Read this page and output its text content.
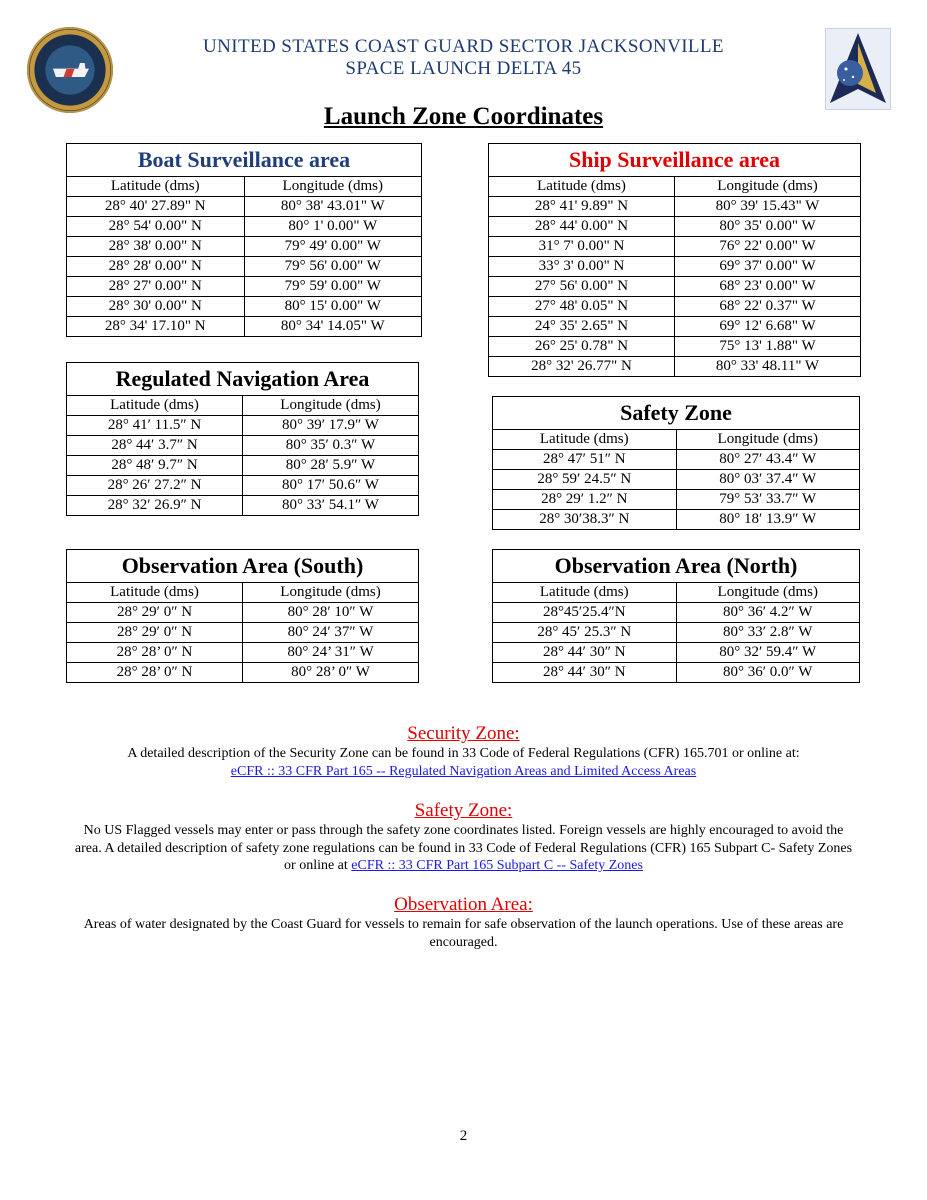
UNITED STATES COAST GUARD SECTOR JACKSONVILLE
SPACE LAUNCH DELTA 45
Launch Zone Coordinates
Boat Surveillance area	
Latitude (dms)	Longitude (dms)
28° 40' 27.89" N	80° 38' 43.01" W
28° 54' 0.00" N	80° 1' 0.00" W
28° 38' 0.00" N	79° 49' 0.00" W
28° 28' 0.00" N	79° 56' 0.00" W
28° 27' 0.00" N	79° 59' 0.00" W
28° 30' 0.00" N	80° 15' 0.00" W
28° 34' 17.10" N	80° 34' 14.05" W
Ship Surveillance area	
Latitude (dms)	Longitude (dms)
28° 41' 9.89" N	80° 39' 15.43" W
28° 44' 0.00" N	80° 35' 0.00" W
31° 7' 0.00" N	76° 22' 0.00" W
33° 3' 0.00" N	69° 37' 0.00" W
27° 56' 0.00" N	68° 23' 0.00" W
27° 48' 0.05" N	68° 22' 0.37" W
24° 35' 2.65" N	69° 12' 6.68" W
26° 25' 0.78" N	75° 13' 1.88" W
28° 32' 26.77" N	80° 33' 48.11" W
Regulated Navigation Area	
Latitude (dms)	Longitude (dms)
28° 41′ 11.5″ N	80° 39′ 17.9″ W
28° 44′ 3.7″ N	80° 35′ 0.3″ W
28° 48′ 9.7″ N	80° 28′ 5.9″ W
28° 26′ 27.2″ N	80° 17′ 50.6″ W
28° 32′ 26.9″ N	80° 33′ 54.1″ W
Safety Zone	
Latitude (dms)	Longitude (dms)
28° 47′ 51″ N	80° 27′ 43.4″ W
28° 59′ 24.5″ N	80° 03′ 37.4″ W
28° 29′ 1.2″ N	79° 53′ 33.7″ W
28° 30′38.3″ N	80° 18′ 13.9″ W
Observation Area (South)	
Latitude (dms)	Longitude (dms)
28° 29′ 0″ N	80° 28′ 10″ W
28° 29′ 0″ N	80° 24′ 37″ W
28° 28’ 0″ N	80° 24’ 31″ W
28° 28’ 0″ N	80° 28’ 0″ W
Observation Area (North)	
Latitude (dms)	Longitude (dms)
28°45′25.4″N	80° 36′ 4.2″ W
28° 45′ 25.3″ N	80° 33′ 2.8″ W
28° 44′ 30″ N	80° 32′ 59.4″ W
28° 44′ 30″ N	80° 36′ 0.0″ W
Security Zone:
A detailed description of the Security Zone can be found in 33 Code of Federal Regulations (CFR) 165.701 or online at:
eCFR :: 33 CFR Part 165 -- Regulated Navigation Areas and Limited Access Areas
Safety Zone:
No US Flagged vessels may enter or pass through the safety zone coordinates listed. Foreign vessels are highly encouraged to avoid the area. A detailed description of safety zone regulations can be found in 33 Code of Federal Regulations (CFR) 165 Subpart C- Safety Zones or online at eCFR :: 33 CFR Part 165 Subpart C -- Safety Zones
Observation Area:
Areas of water designated by the Coast Guard for vessels to remain for safe observation of the launch operations. Use of these areas are encouraged.
2
